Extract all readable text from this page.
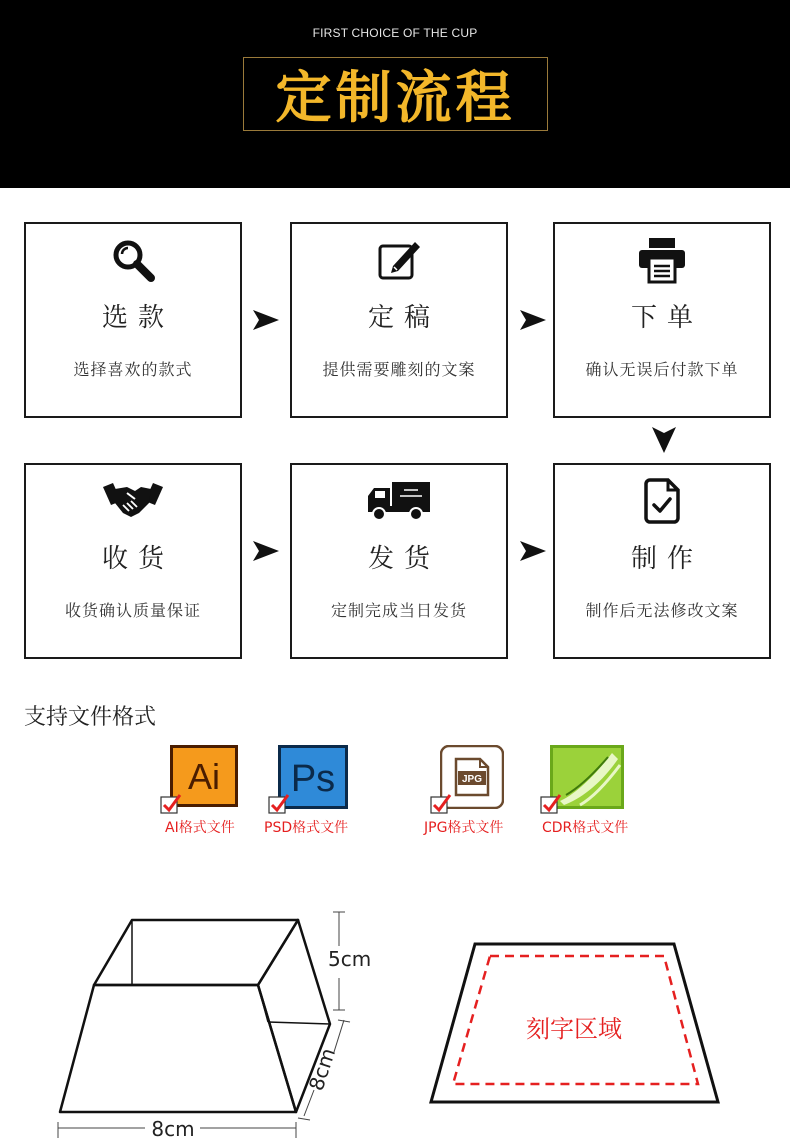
FIRST CHOICE OF THE CUP
定制流程
选款
选择喜欢的款式
定稿
提供需要雕刻的文案
下单
确认无误后付款下单
收货
收货确认质量保证
发货
定制完成当日发货
制作
制作后无法修改文案
支持文件格式
Ai
AI格式文件
Ps
PSD格式文件
JPG
JPG格式文件	CDR格式文件
5cm
8cm
8cm
刻字区域
